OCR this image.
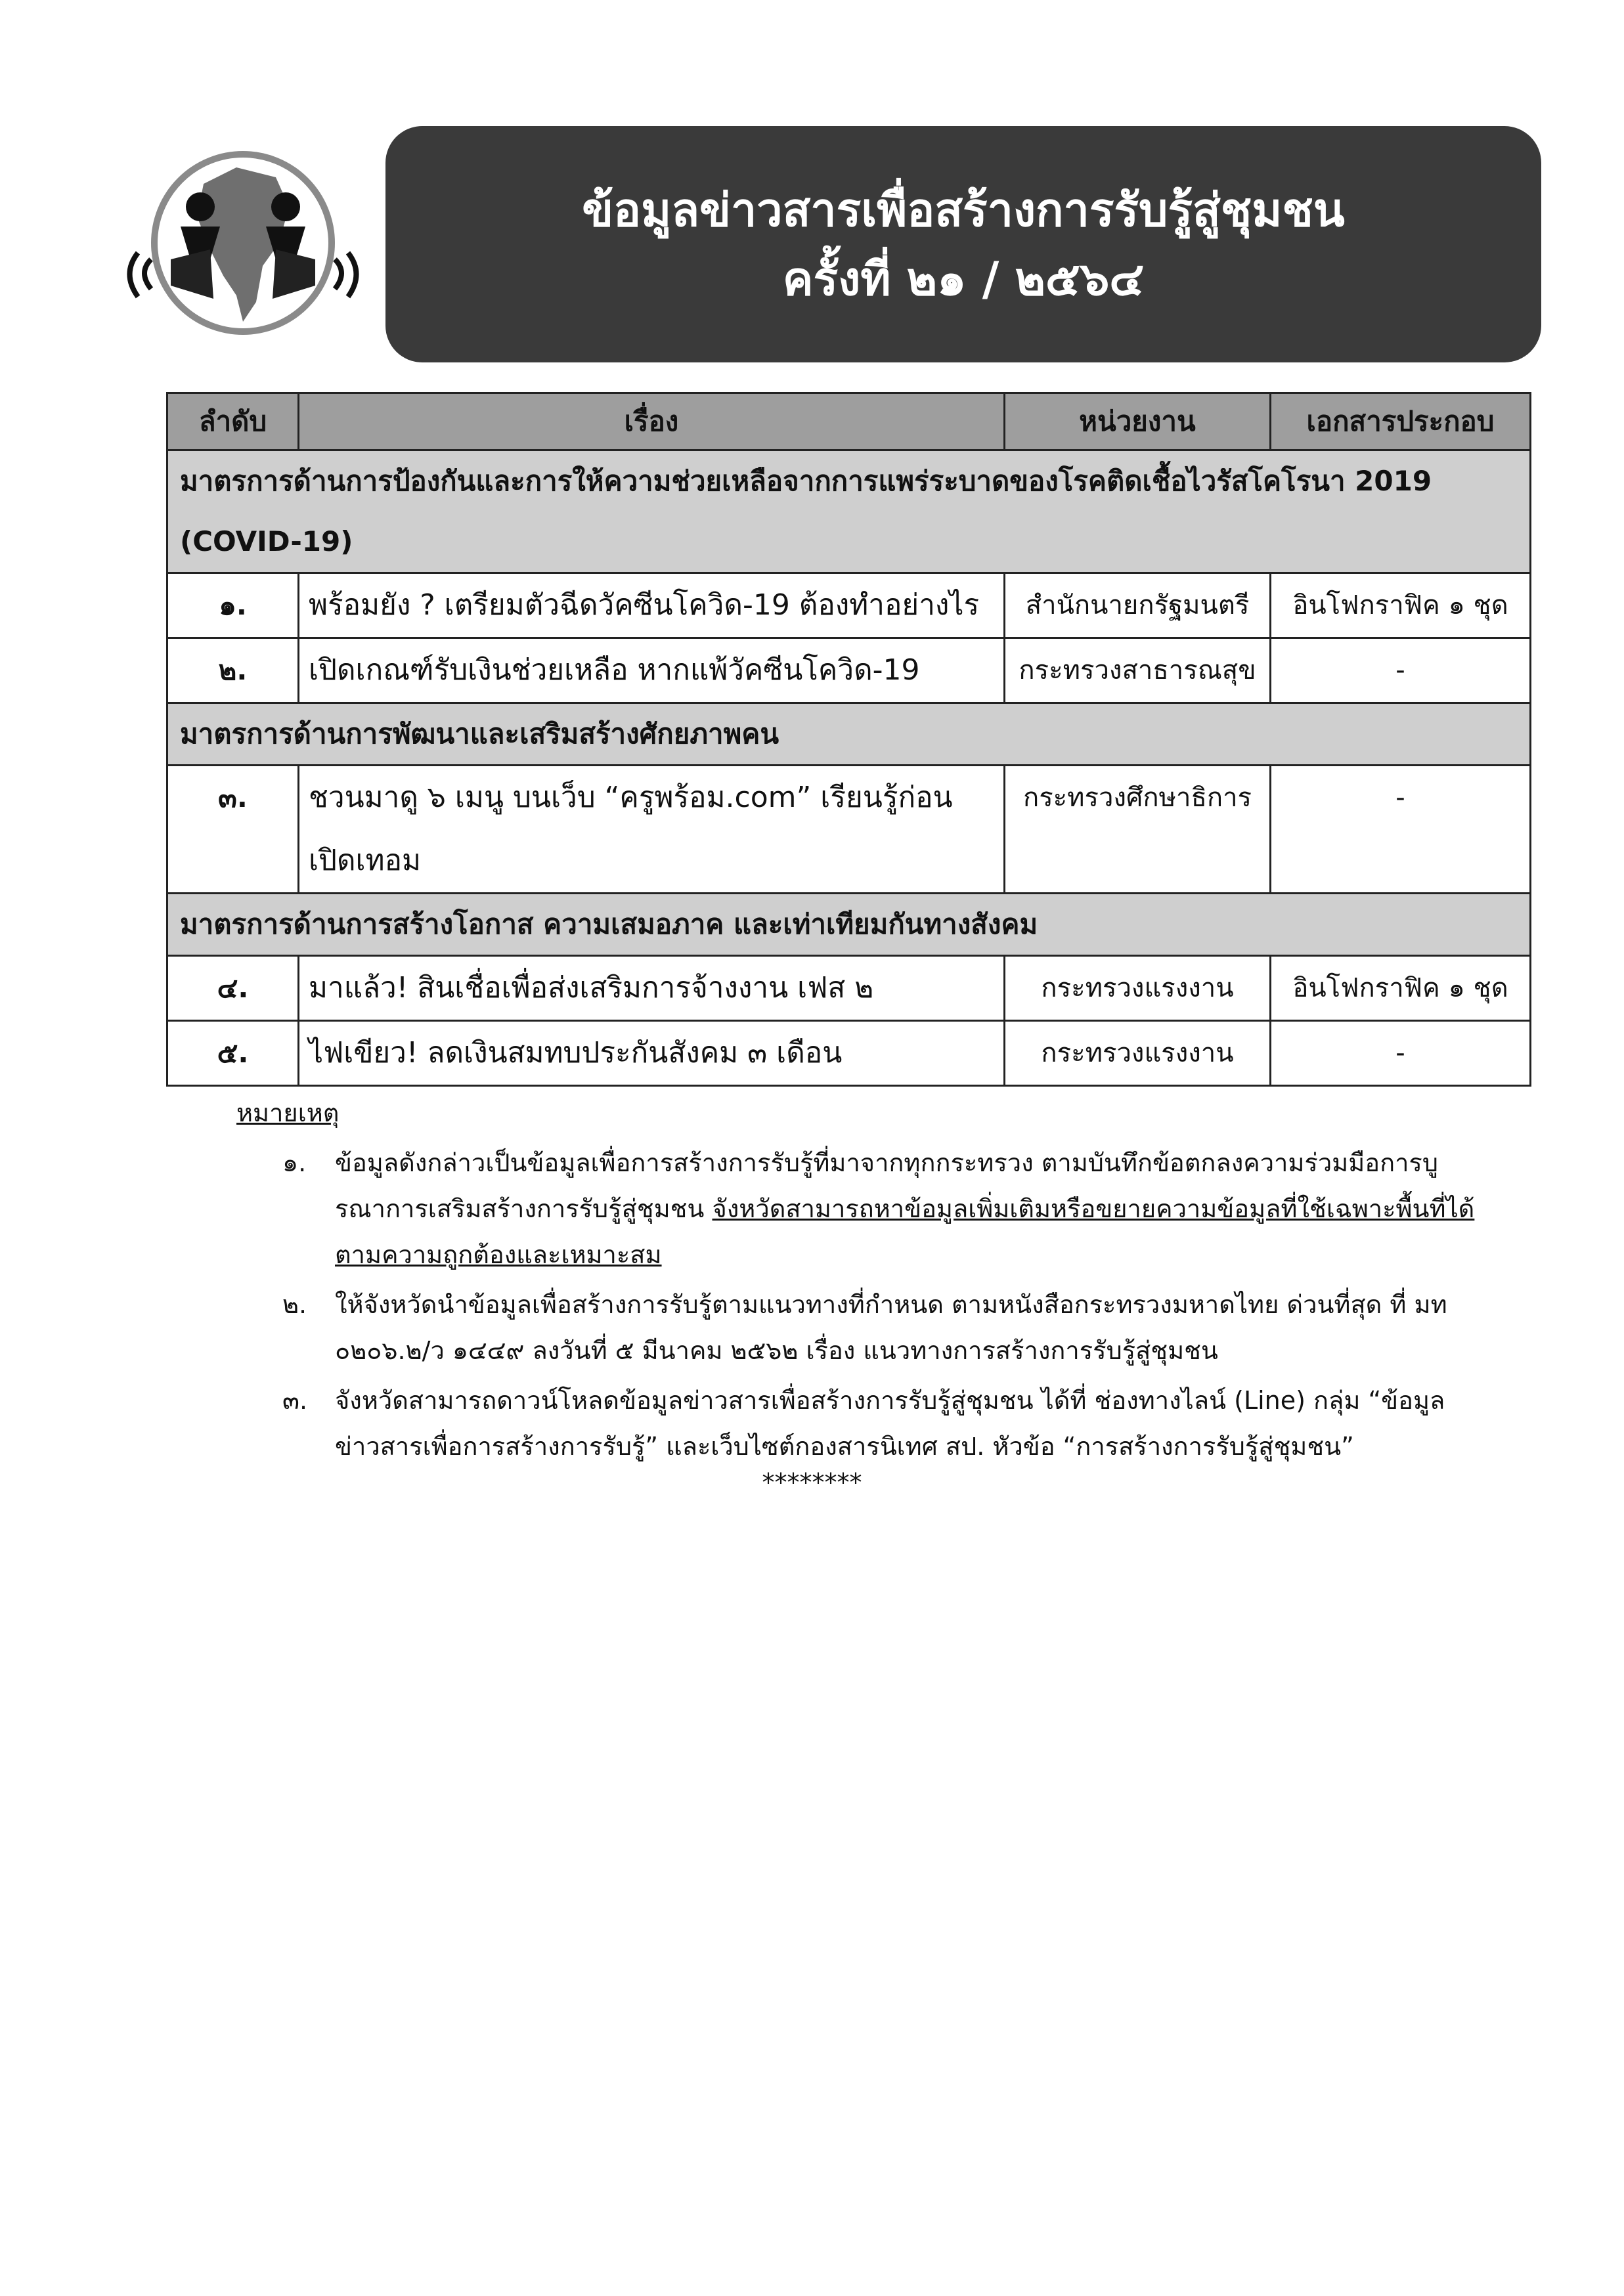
ข้อมูลข่าวสารเพื่อสร้างการรับรู้สู่ชุมชน
ครั้งที่ ๒๑ / ๒๕๖๔
ลำดับ	เรื่อง	หน่วยงาน	เอกสารประกอบ
มาตรการด้านการป้องกันและการให้ความช่วยเหลือจากการแพร่ระบาดของโรคติดเชื้อไวรัสโคโรนา 2019 (COVID-19)			
๑.	พร้อมยัง ? เตรียมตัวฉีดวัคซีนโควิด-19 ต้องทำอย่างไร	สำนักนายกรัฐมนตรี	อินโฟกราฟิค ๑ ชุด
๒.	เปิดเกณฑ์รับเงินช่วยเหลือ หากแพ้วัคซีนโควิด-19	กระทรวงสาธารณสุข	-
มาตรการด้านการพัฒนาและเสริมสร้างศักยภาพคน			
๓.	ชวนมาดู ๖ เมนู บนเว็บ “ครูพร้อม.com” เรียนรู้ก่อนเปิดเทอม	กระทรวงศึกษาธิการ	-
มาตรการด้านการสร้างโอกาส ความเสมอภาค และเท่าเทียมกันทางสังคม			
๔.	มาแล้ว! สินเชื่อเพื่อส่งเสริมการจ้างงาน เฟส ๒	กระทรวงแรงงาน	อินโฟกราฟิค ๑ ชุด
๕.	ไฟเขียว! ลดเงินสมทบประกันสังคม ๓ เดือน	กระทรวงแรงงาน	-
หมายเหตุ
๑. ข้อมูลดังกล่าวเป็นข้อมูลเพื่อการสร้างการรับรู้ที่มาจากทุกกระทรวง ตามบันทึกข้อตกลงความร่วมมือการบูรณาการเสริมสร้างการรับรู้สู่ชุมชน จังหวัดสามารถหาข้อมูลเพิ่มเติมหรือขยายความข้อมูลที่ใช้เฉพาะพื้นที่ได้ตามความถูกต้องและเหมาะสม
๒. ให้จังหวัดนำข้อมูลเพื่อสร้างการรับรู้ตามแนวทางที่กำหนด ตามหนังสือกระทรวงมหาดไทย ด่วนที่สุด ที่ มท ๐๒๐๖.๒/ว ๑๔๔๙ ลงวันที่ ๕ มีนาคม ๒๕๖๒ เรื่อง แนวทางการสร้างการรับรู้สู่ชุมชน
๓. จังหวัดสามารถดาวน์โหลดข้อมูลข่าวสารเพื่อสร้างการรับรู้สู่ชุมชน ได้ที่ ช่องทางไลน์ (Line) กลุ่ม “ข้อมูลข่าวสารเพื่อการสร้างการรับรู้” และเว็บไซต์กองสารนิเทศ สป. หัวข้อ “การสร้างการรับรู้สู่ชุมชน”
********
